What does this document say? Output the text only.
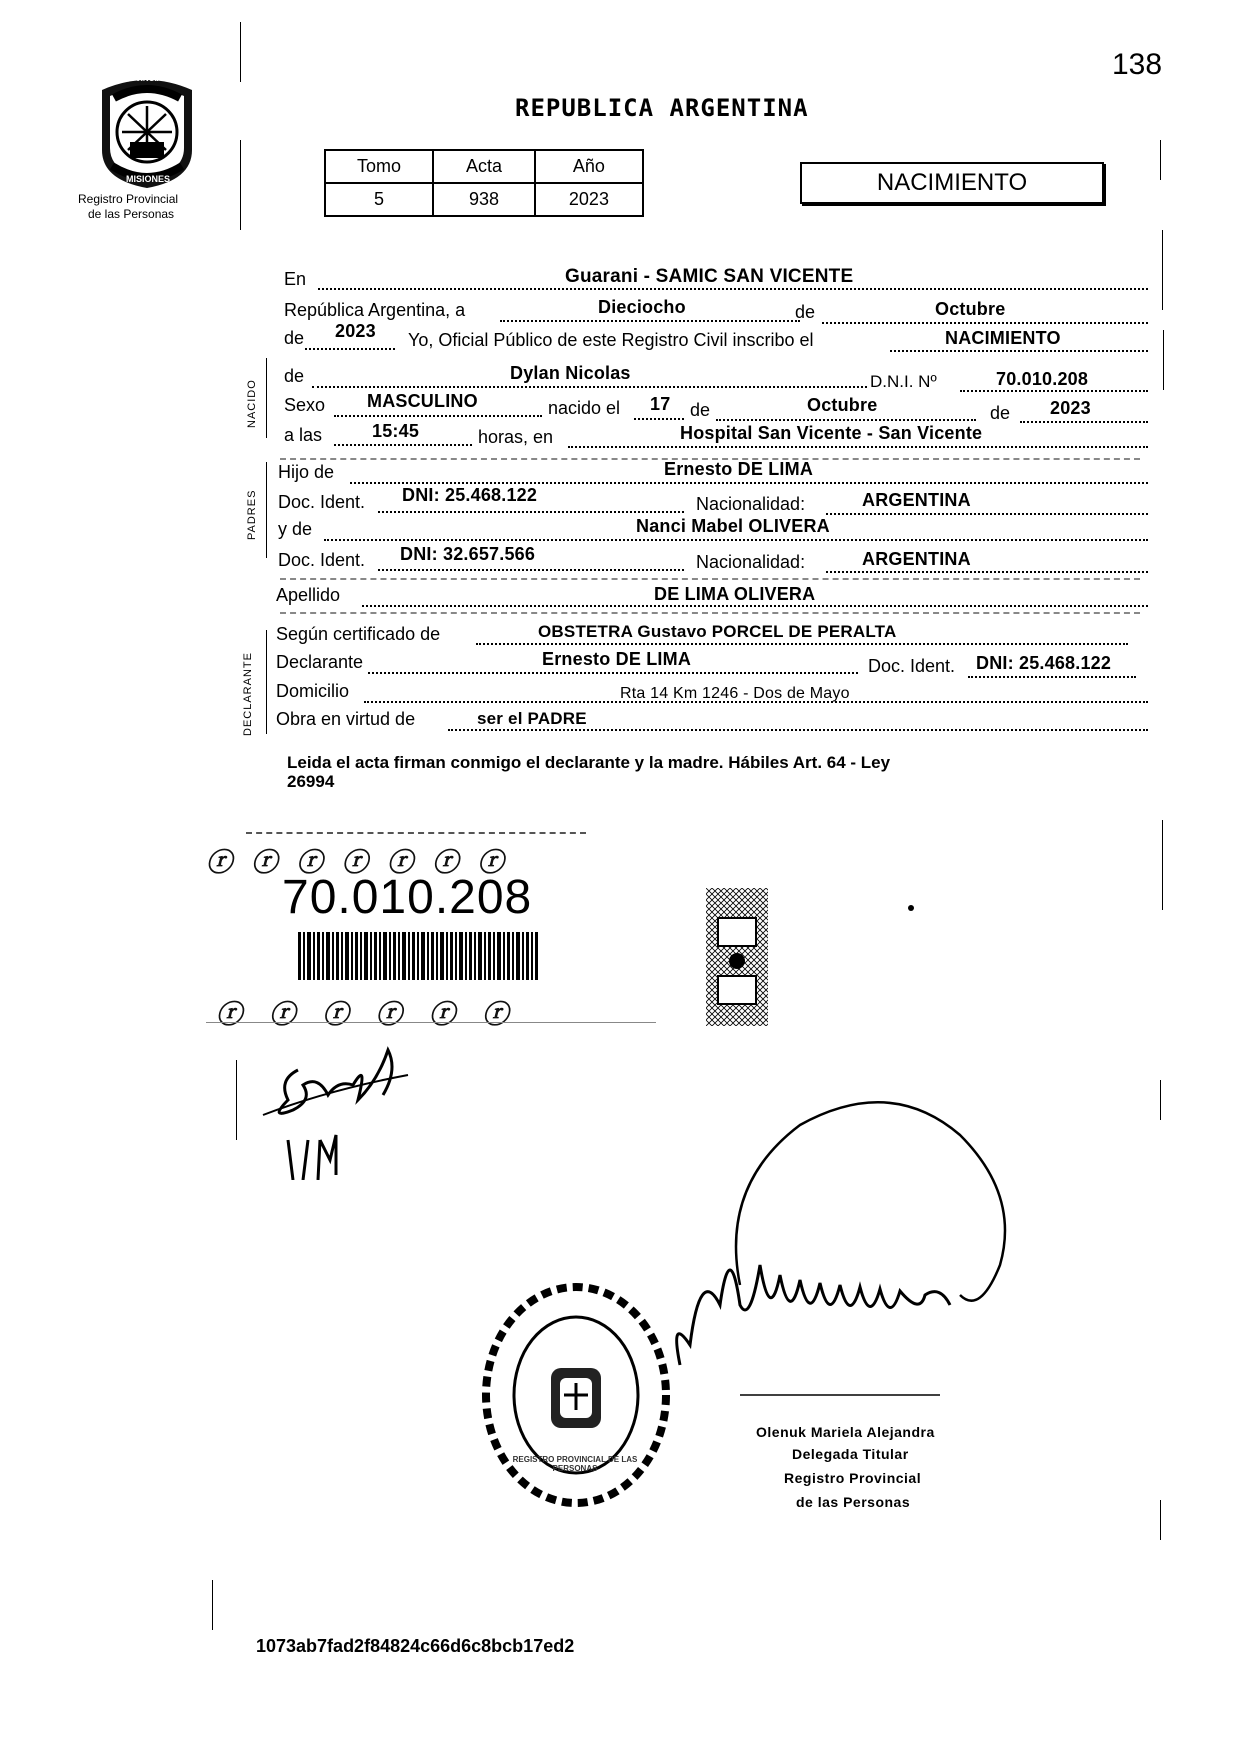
138
PROVINCIA DE
MISIONES
Registro Provincial
de las Personas
REPUBLICA ARGENTINA
Tomo	Acta	Año
5	938	2023
NACIMIENTO
NACIDO
PADRES
DECLARANTE
En	Guarani - SAMIC SAN VICENTE
República Argentina, a	Dieciocho	de	Octubre
de 2023 Yo, Oficial Público de este Registro Civil inscribo el	NACIMIENTO
de	Dylan Nicolas	D.N.I. Nº	70.010.208
Sexo MASCULINO	nacido el 17 de	Octubre	de 2023
a las	15:45	horas, en	Hospital San Vicente - San Vicente
Hijo de	Ernesto DE LIMA
Doc. Ident. DNI: 25.468.122	Nacionalidad:	ARGENTINA
y de	Nanci Mabel OLIVERA
Doc. Ident. DNI: 32.657.566	Nacionalidad:	ARGENTINA
Apellido	DE LIMA OLIVERA
Según certificado de	OBSTETRA Gustavo PORCEL DE PERALTA
Declarante	Ernesto DE LIMA	Doc. Ident. DNI: 25.468.122
Domicilio	Rta 14 Km 1246 - Dos de Mayo
Obra en virtud de	ser el PADRE
Leida el acta firman conmigo el declarante y la madre. Hábiles Art. 64 - Ley
26994
ⓡ ⓡ ⓡ ⓡ ⓡ ⓡ ⓡ
70.010.208
ⓡ ⓡ ⓡ ⓡ ⓡ ⓡ
REGISTRO PROVINCIAL DE LAS PERSONAS
Olenuk Mariela Alejandra
Delegada Titular
Registro Provincial
de las Personas
1073ab7fad2f84824c66d6c8bcb17ed2
